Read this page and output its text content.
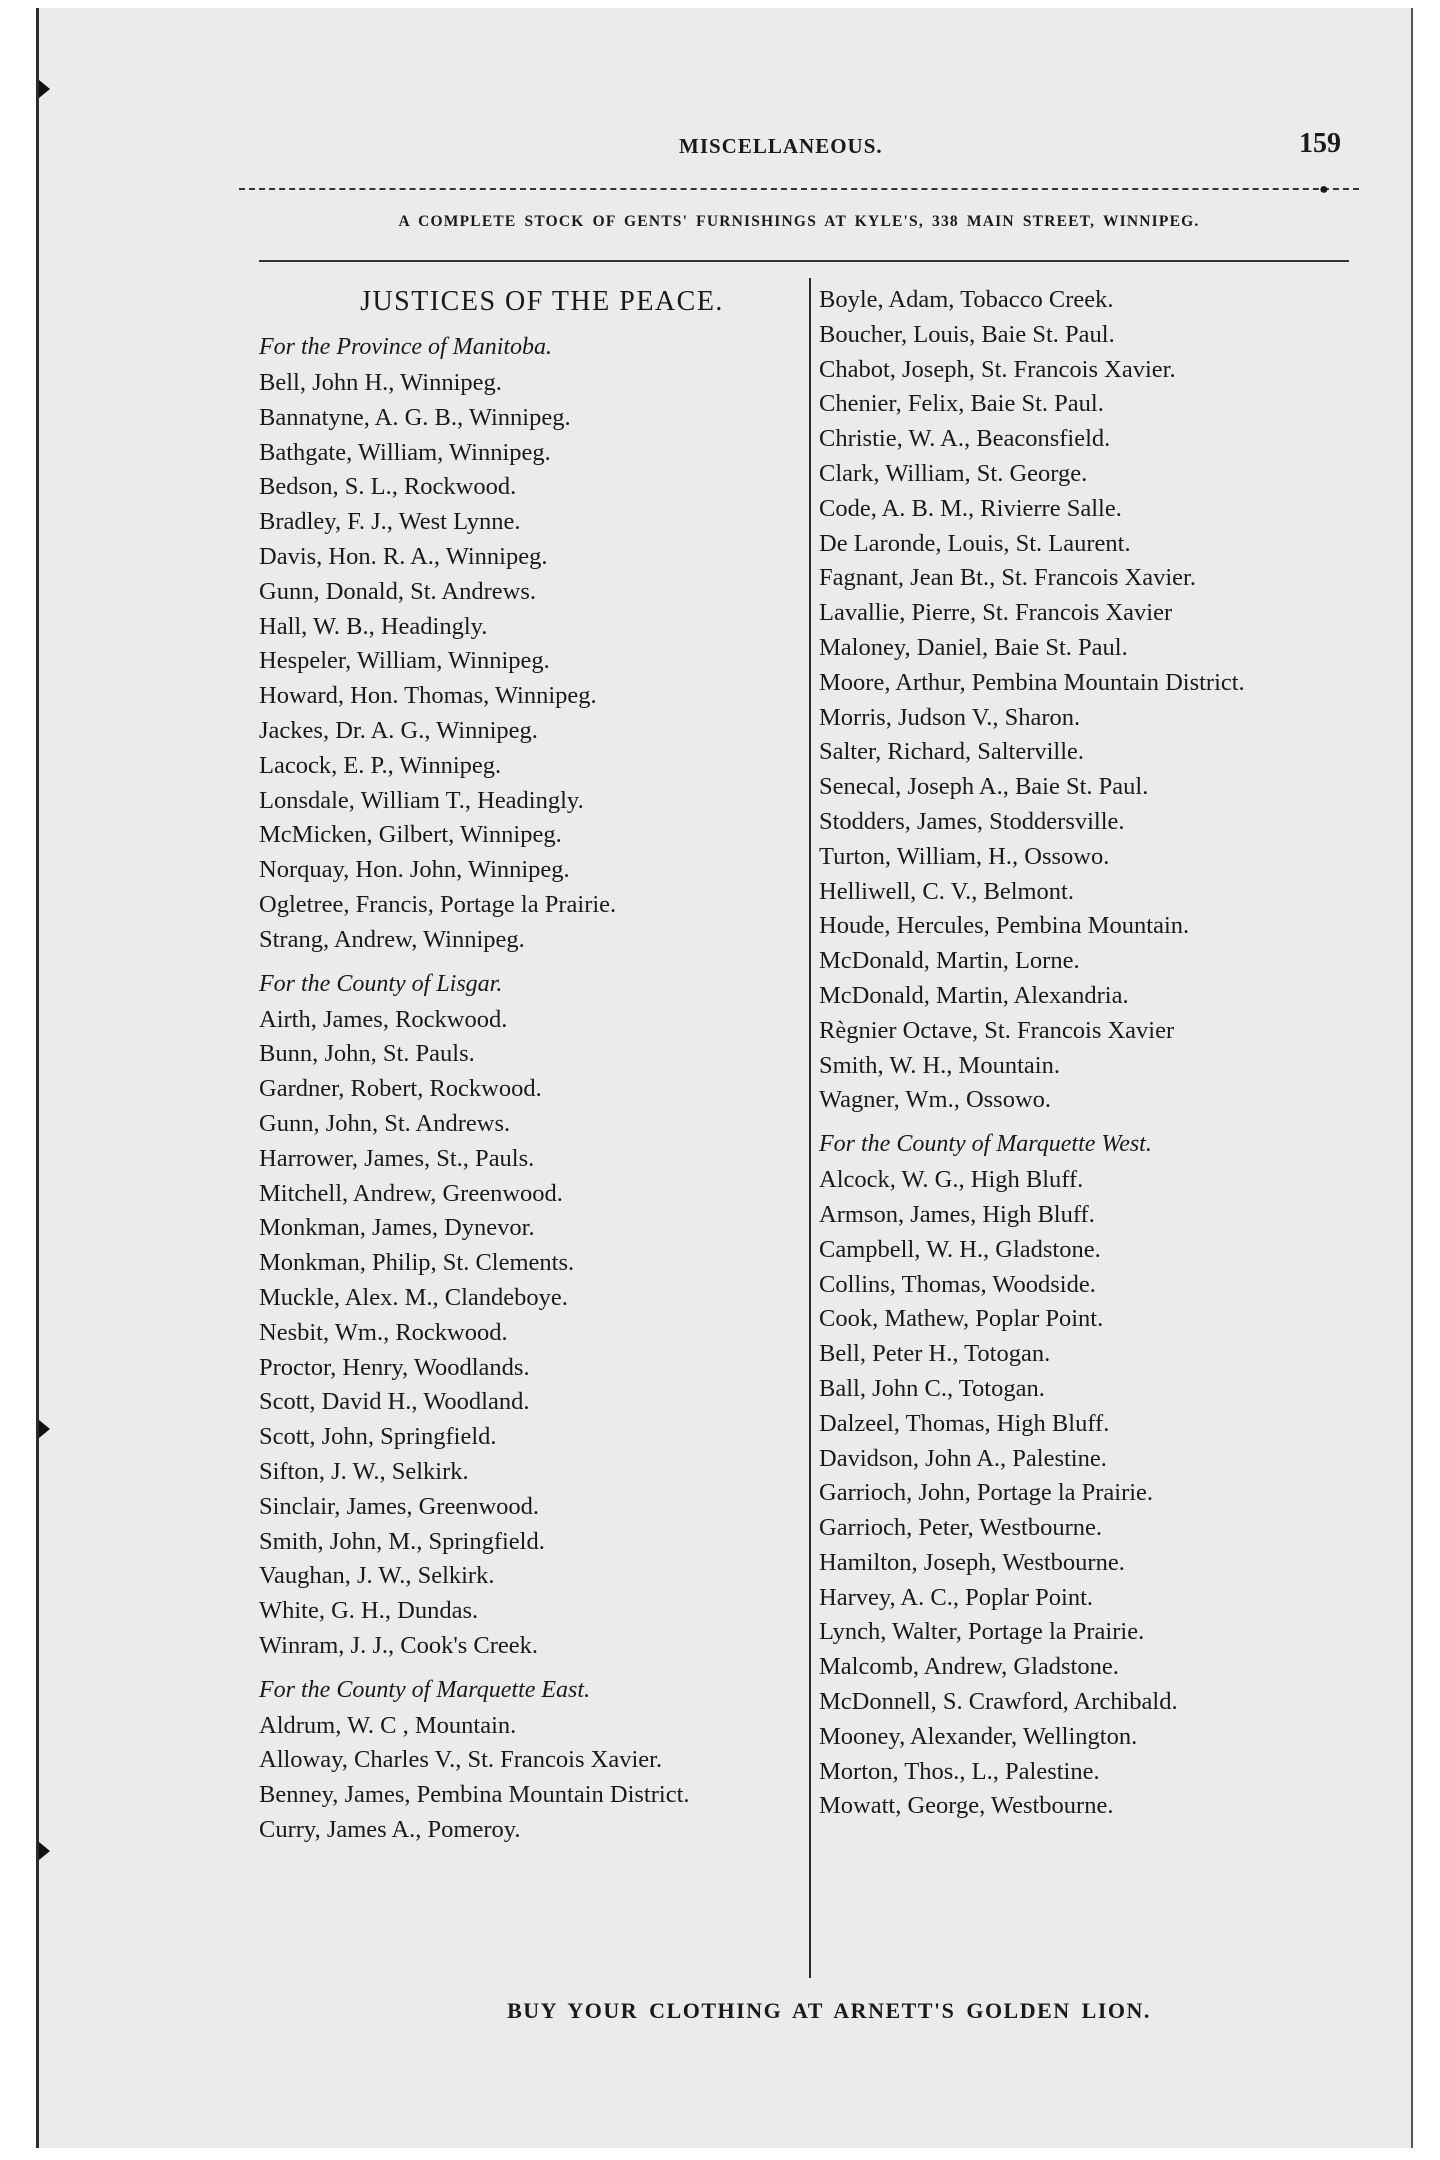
MISCELLANEOUS.	159
●
A COMPLETE STOCK OF GENTS' FURNISHINGS AT KYLE'S, 338 MAIN STREET, WINNIPEG.
JUSTICES OF THE PEACE.
For the Province of Manitoba.
Bell, John H., Winnipeg.
Bannatyne, A. G. B., Winnipeg.
Bathgate, William, Winnipeg.
Bedson, S. L., Rockwood.
Bradley, F. J., West Lynne.
Davis, Hon. R. A., Winnipeg.
Gunn, Donald, St. Andrews.
Hall, W. B., Headingly.
Hespeler, William, Winnipeg.
Howard, Hon. Thomas, Winnipeg.
Jackes, Dr. A. G., Winnipeg.
Lacock, E. P., Winnipeg.
Lonsdale, William T., Headingly.
McMicken, Gilbert, Winnipeg.
Norquay, Hon. John, Winnipeg.
Ogletree, Francis, Portage la Prairie.
Strang, Andrew, Winnipeg.
For the County of Lisgar.
Airth, James, Rockwood.
Bunn, John, St. Pauls.
Gardner, Robert, Rockwood.
Gunn, John, St. Andrews.
Harrower, James, St., Pauls.
Mitchell, Andrew, Greenwood.
Monkman, James, Dynevor.
Monkman, Philip, St. Clements.
Muckle, Alex. M., Clandeboye.
Nesbit, Wm., Rockwood.
Proctor, Henry, Woodlands.
Scott, David H., Woodland.
Scott, John, Springfield.
Sifton, J. W., Selkirk.
Sinclair, James, Greenwood.
Smith, John, M., Springfield.
Vaughan, J. W., Selkirk.
White, G. H., Dundas.
Winram, J. J., Cook's Creek.
For the County of Marquette East.
Aldrum, W. C , Mountain.
Alloway, Charles V., St. Francois Xavier.
Benney, James, Pembina Mountain District.
Curry, James A., Pomeroy.
Boyle, Adam, Tobacco Creek.
Boucher, Louis, Baie St. Paul.
Chabot, Joseph, St. Francois Xavier.
Chenier, Felix, Baie St. Paul.
Christie, W. A., Beaconsfield.
Clark, William, St. George.
Code, A. B. M., Rivierre Salle.
De Laronde, Louis, St. Laurent.
Fagnant, Jean Bt., St. Francois Xavier.
Lavallie, Pierre, St. Francois Xavier
Maloney, Daniel, Baie St. Paul.
Moore, Arthur, Pembina Mountain District.
Morris, Judson V., Sharon.
Salter, Richard, Salterville.
Senecal, Joseph A., Baie St. Paul.
Stodders, James, Stoddersville.
Turton, William, H., Ossowo.
Helliwell, C. V., Belmont.
Houde, Hercules, Pembina Mountain.
McDonald, Martin, Lorne.
McDonald, Martin, Alexandria.
Règnier Octave, St. Francois Xavier
Smith, W. H., Mountain.
Wagner, Wm., Ossowo.
For the County of Marquette West.
Alcock, W. G., High Bluff.
Armson, James, High Bluff.
Campbell, W. H., Gladstone.
Collins, Thomas, Woodside.
Cook, Mathew, Poplar Point.
Bell, Peter H., Totogan.
Ball, John C., Totogan.
Dalzeel, Thomas, High Bluff.
Davidson, John A., Palestine.
Garrioch, John, Portage la Prairie.
Garrioch, Peter, Westbourne.
Hamilton, Joseph, Westbourne.
Harvey, A. C., Poplar Point.
Lynch, Walter, Portage la Prairie.
Malcomb, Andrew, Gladstone.
McDonnell, S. Crawford, Archibald.
Mooney, Alexander, Wellington.
Morton, Thos., L., Palestine.
Mowatt, George, Westbourne.
BUY YOUR CLOTHING AT ARNETT'S GOLDEN LION.
